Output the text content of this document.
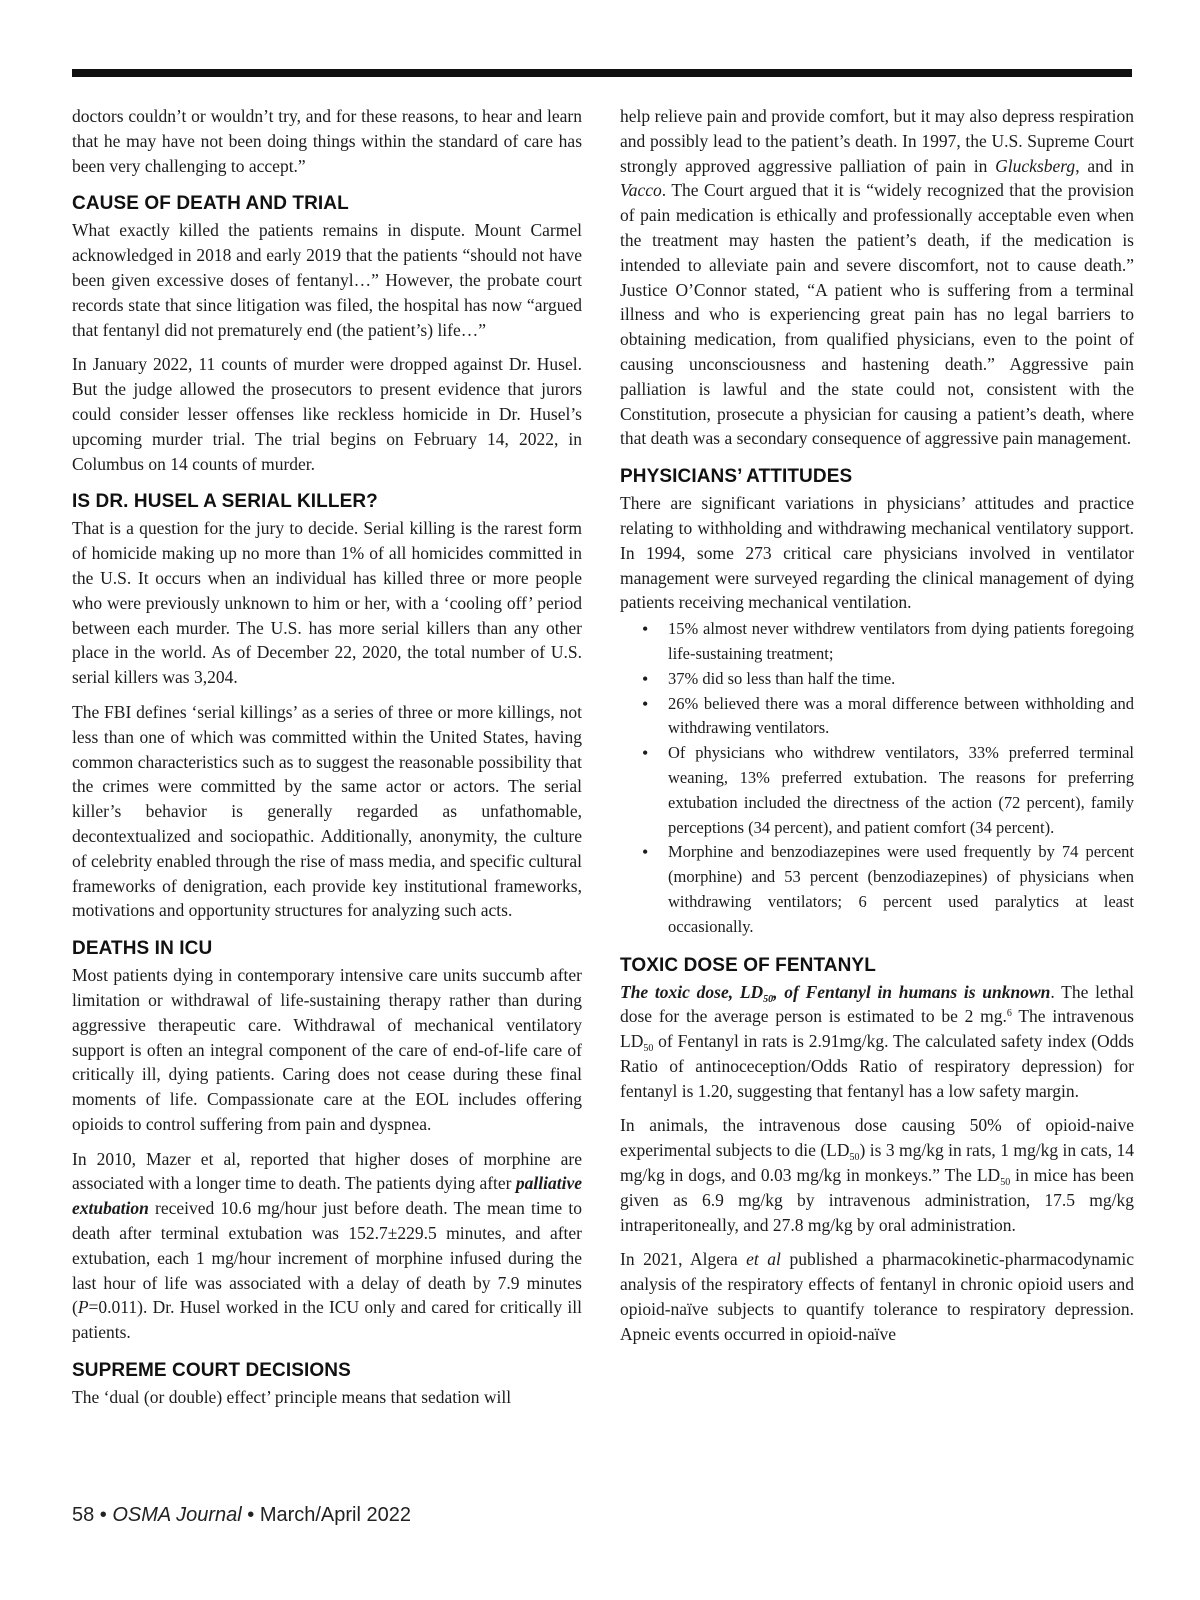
doctors couldn’t or wouldn’t try, and for these reasons, to hear and learn that he may have not been doing things within the standard of care has been very challenging to accept.”

CAUSE OF DEATH AND TRIAL

What exactly killed the patients remains in dispute. Mount Carmel acknowledged in 2018 and early 2019 that the patients “should not have been given excessive doses of fentanyl…” However, the probate court records state that since litigation was filed, the hospital has now “argued that fentanyl did not prematurely end (the patient’s) life…”

In January 2022, 11 counts of murder were dropped against Dr. Husel. But the judge allowed the prosecutors to present evidence that jurors could consider lesser offenses like reckless homicide in Dr. Husel’s upcoming murder trial. The trial begins on February 14, 2022, in Columbus on 14 counts of murder.

IS DR. HUSEL A SERIAL KILLER?

That is a question for the jury to decide. Serial killing is the rarest form of homicide making up no more than 1% of all homicides committed in the U.S. It occurs when an individual has killed three or more people who were previously unknown to him or her, with a ‘cooling off’ period between each murder. The U.S. has more serial killers than any other place in the world. As of December 22, 2020, the total number of U.S. serial killers was 3,204.

The FBI defines ‘serial killings’ as a series of three or more killings, not less than one of which was committed within the United States, having common characteristics such as to suggest the reasonable possibility that the crimes were committed by the same actor or actors. The serial killer’s behavior is generally regarded as unfathomable, decontextualized and sociopathic. Additionally, anonymity, the culture of celebrity enabled through the rise of mass media, and specific cultural frameworks of denigration, each provide key institutional frameworks, motivations and opportunity structures for analyzing such acts.

DEATHS IN ICU

Most patients dying in contemporary intensive care units succumb after limitation or withdrawal of life-sustaining therapy rather than during aggressive therapeutic care. Withdrawal of mechanical ventilatory support is often an integral component of the care of end-of-life care of critically ill, dying patients. Caring does not cease during these final moments of life. Compassionate care at the EOL includes offering opioids to control suffering from pain and dyspnea.

In 2010, Mazer et al, reported that higher doses of morphine are associated with a longer time to death. The patients dying after palliative extubation received 10.6 mg/hour just before death. The mean time to death after terminal extubation was 152.7±229.5 minutes, and after extubation, each 1 mg/hour increment of morphine infused during the last hour of life was associated with a delay of death by 7.9 minutes (P=0.011). Dr. Husel worked in the ICU only and cared for critically ill patients.

SUPREME COURT DECISIONS

The ‘dual (or double) effect’ principle means that sedation will

help relieve pain and provide comfort, but it may also depress respiration and possibly lead to the patient’s death. In 1997, the U.S. Supreme Court strongly approved aggressive palliation of pain in Glucksberg, and in Vacco. The Court argued that it is “widely recognized that the provision of pain medication is ethically and professionally acceptable even when the treatment may hasten the patient’s death, if the medication is intended to alleviate pain and severe discomfort, not to cause death.” Justice O’Connor stated, “A patient who is suffering from a terminal illness and who is experiencing great pain has no legal barriers to obtaining medication, from qualified physicians, even to the point of causing unconsciousness and hastening death.” Aggressive pain palliation is lawful and the state could not, consistent with the Constitution, prosecute a physician for causing a patient’s death, where that death was a secondary consequence of aggressive pain management.

PHYSICIANS’ ATTITUDES

There are significant variations in physicians’ attitudes and practice relating to withholding and withdrawing mechanical ventilatory support. In 1994, some 273 critical care physicians involved in ventilator management were surveyed regarding the clinical management of dying patients receiving mechanical ventilation.

• 15% almost never withdrew ventilators from dying patients foregoing life-sustaining treatment;
• 37% did so less than half the time.
• 26% believed there was a moral difference between withholding and withdrawing ventilators.
• Of physicians who withdrew ventilators, 33% preferred terminal weaning, 13% preferred extubation. The reasons for preferring extubation included the directness of the action (72 percent), family perceptions (34 percent), and patient comfort (34 percent).
• Morphine and benzodiazepines were used frequently by 74 percent (morphine) and 53 percent (benzodiazepines) of physicians when withdrawing ventilators; 6 percent used paralytics at least occasionally.
TOXIC DOSE OF FENTANYL

The toxic dose, $LD_{50}$, of Fentanyl in humans is unknown. The lethal dose for the average person is estimated to be 2 mg.$^6$ The intravenous $LD_{50}$ of Fentanyl in rats is 2.91mg/kg. The calculated safety index (Odds Ratio of antinoceception/Odds Ratio of respiratory depression) for fentanyl is 1.20, suggesting that fentanyl has a low safety margin.

In animals, the intravenous dose causing 50% of opioid-naive experimental subjects to die $(LD_{50})$ is 3 mg/kg in rats, 1 mg/kg in cats, 14 mg/kg in dogs, and 0.03 mg/kg in monkeys.” The $LD_{50}$ in mice has been given as 6.9 mg/kg by intravenous administration, 17.5 mg/kg intraperitoneally, and 27.8 mg/kg by oral administration.

In 2021, Algera et al published a pharmacokinetic-pharmacodynamic analysis of the respiratory effects of fentanyl in chronic opioid users and opioid-naïve subjects to quantify tolerance to respiratory depression. Apneic events occurred in opioid-naïve

58 • OSMA Journal • March/April 2022
